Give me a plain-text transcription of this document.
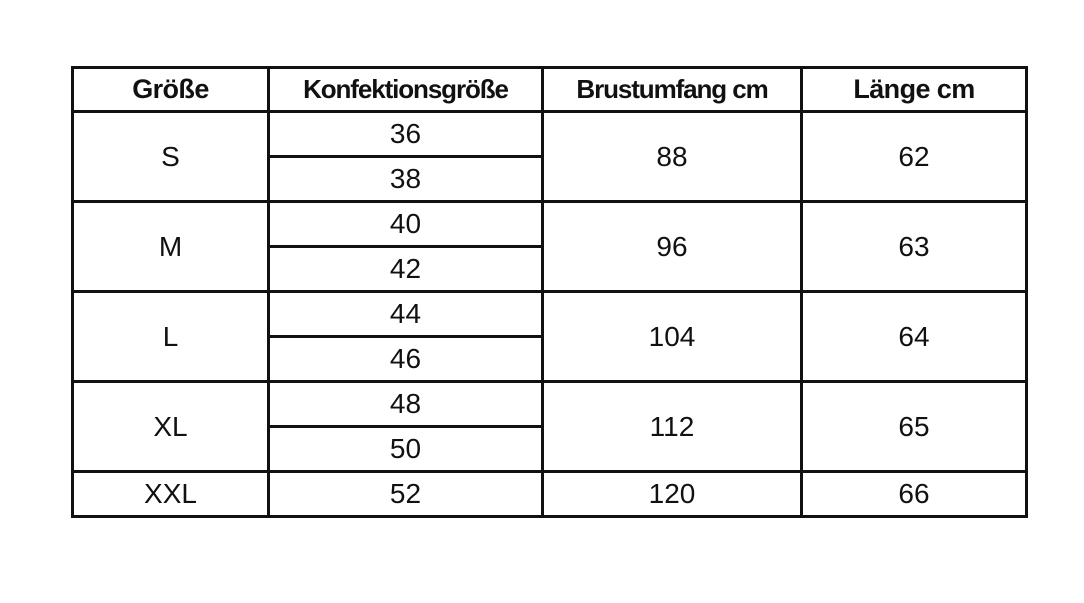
Größe	Konfektionsgröße	Brustumfang cm	Länge cm
S	36	88	62
	38		
M	40	96	63
	42		
L	44	104	64
	46		
XL	48	112	65
	50		
XXL	52	120	66
